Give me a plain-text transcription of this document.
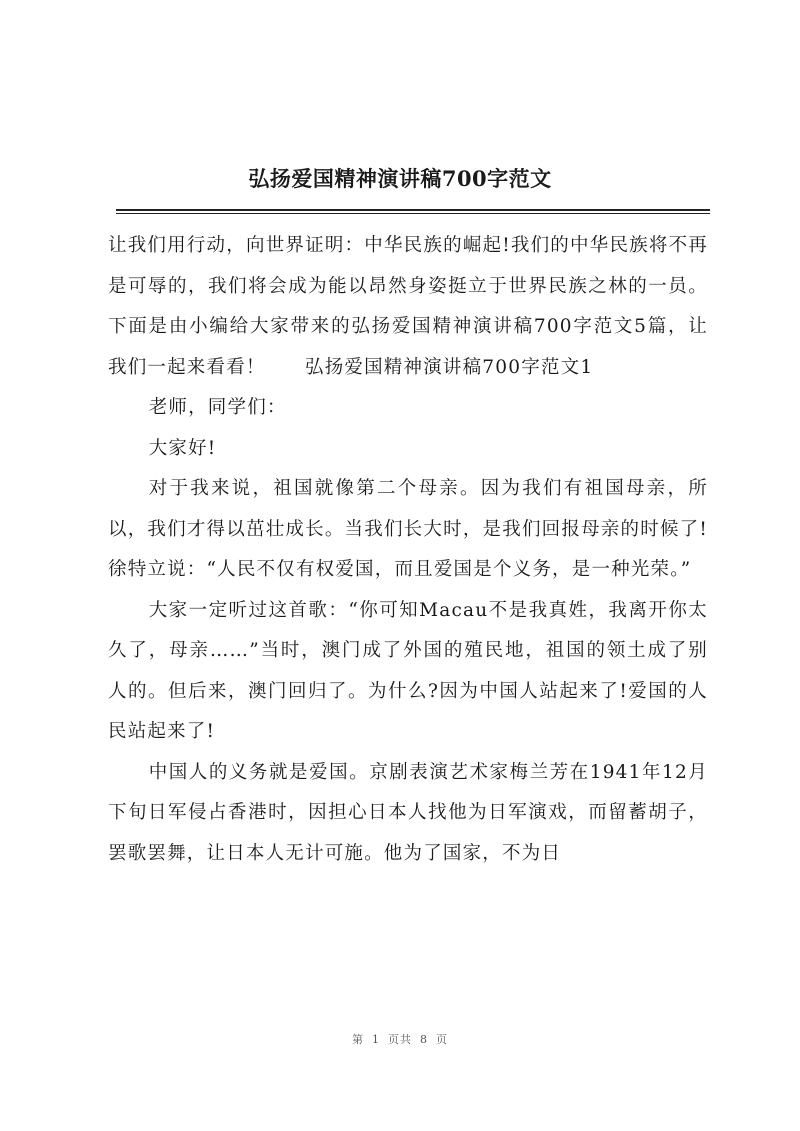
弘扬爱国精神演讲稿700字范文

让我们用行动，向世界证明：中华民族的崛起!我们的中华民族将不再是可辱的，我们将会成为能以昂然身姿挺立于世界民族之林的一员。下面是由小编给大家带来的弘扬爱国精神演讲稿700字范文5篇，让我们一起来看看！　　弘扬爱国精神演讲稿700字范文1

老师，同学们：

大家好!

对于我来说，祖国就像第二个母亲。因为我们有祖国母亲，所以，我们才得以茁壮成长。当我们长大时，是我们回报母亲的时候了!徐特立说：“人民不仅有权爱国，而且爱国是个义务，是一种光荣。”

大家一定听过这首歌：“你可知Macau不是我真姓，我离开你太久了，母亲……”当时，澳门成了外国的殖民地，祖国的领土成了别人的。但后来，澳门回归了。为什么?因为中国人站起来了!爱国的人民站起来了!

中国人的义务就是爱国。京剧表演艺术家梅兰芳在1941年12月下旬日军侵占香港时，因担心日本人找他为日军演戏，而留蓄胡子，罢歌罢舞，让日本人无计可施。他为了国家，不为日

第 1 页共 8 页
